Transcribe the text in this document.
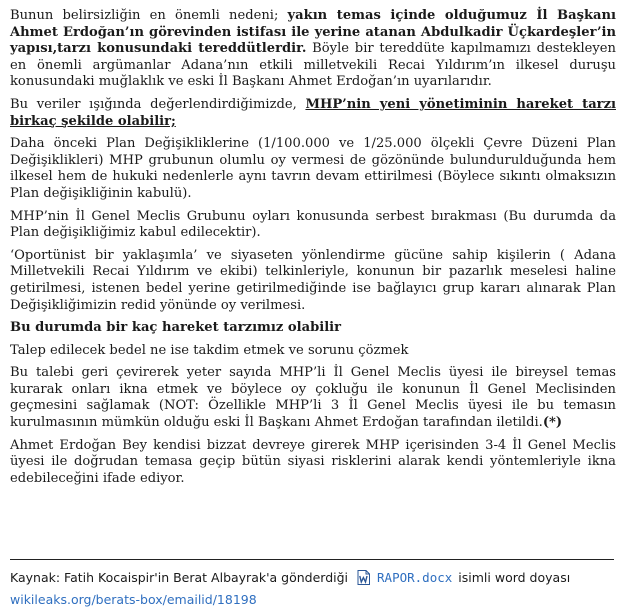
Bunun belirsizliğin en önemli nedeni; yakın temas içinde olduğumuz İl Başkanı Ahmet Erdoğan’ın görevinden istifası ile yerine atanan Abdulkadir Üçkardeşler’in yapısı,tarzı konusundaki tereddütlerdir. Böyle bir tereddüte kapılmamızı destekleyen en önemli argümanlar Adana’nın etkili milletvekili Recai Yıldırım’ın ilkesel duruşu konusundaki muğlaklık ve eski İl Başkanı Ahmet Erdoğan’ın uyarılarıdır.

Bu veriler ışığında değerlendirdiğimizde, MHP’nin yeni yönetiminin hareket tarzı birkaç şekilde olabilir;

Daha önceki Plan Değişikliklerine (1/100.000 ve 1/25.000 ölçekli Çevre Düzeni Plan Değişiklikleri) MHP grubunun olumlu oy vermesi de gözönünde bulundurulduğunda hem ilkesel hem de hukuki nedenlerle aynı tavrın devam ettirilmesi (Böylece sıkıntı olmaksızın Plan değişikliğinin kabulü).

MHP’nin İl Genel Meclis Grubunu oyları konusunda serbest bırakması (Bu durumda da Plan değişikliğimiz kabul edilecektir).

‘Oportünist bir yaklaşımla’ ve siyaseten yönlendirme gücüne sahip kişilerin ( Adana Milletvekili Recai Yıldırım ve ekibi) telkinleriyle, konunun bir pazarlık meselesi haline getirilmesi, istenen bedel yerine getirilmediğinde ise bağlayıcı grup kararı alınarak Plan Değişikliğimizin redid yönünde oy verilmesi.

Bu durumda bir kaç hareket tarzımız olabilir

Talep edilecek bedel ne ise takdim etmek ve sorunu çözmek

Bu talebi geri çevirerek yeter sayıda MHP’li İl Genel Meclis üyesi ile bireysel temas kurarak onları ikna etmek ve böylece oy çokluğu ile konunun İl Genel Meclisinden geçmesini sağlamak (NOT: Özellikle MHP’li 3 İl Genel Meclis üyesi ile bu temasın kurulmasının mümkün olduğu eski İl Başkanı Ahmet Erdoğan tarafından iletildi.(*)

Ahmet Erdoğan Bey kendisi bizzat devreye girerek MHP içerisinden 3-4 İl Genel Meclis üyesi ile doğrudan temasa geçip bütün siyasi risklerini alarak kendi yöntemleriyle ikna edebileceğini ifade ediyor.

Kaynak: Fatih Kocaispir'in Berat Albayrak'a gönderdiği RAPOR.docx isimli word doyası
wikileaks.org/berats-box/emailid/18198
